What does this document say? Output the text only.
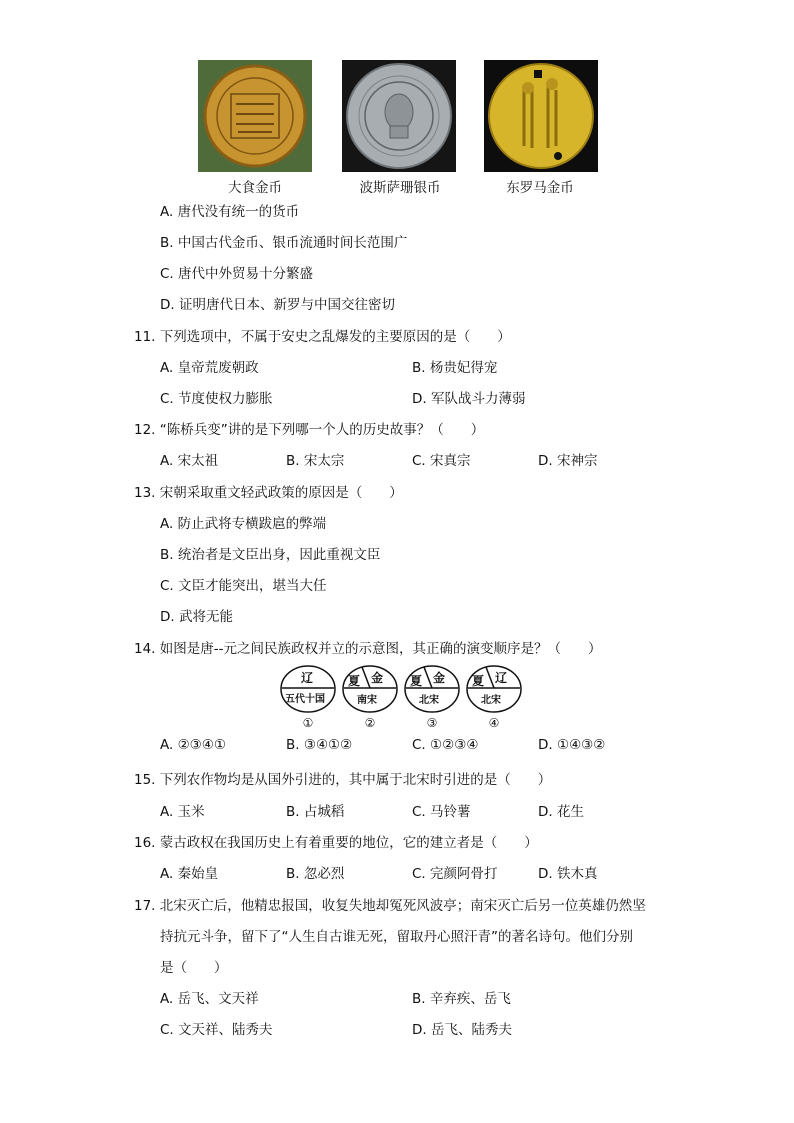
大食金币	波斯萨珊银币	东罗马金币
A. 唐代没有统一的货币
B. 中国古代金币、银币流通时间长范围广
C. 唐代中外贸易十分繁盛
D. 证明唐代日本、新罗与中国交往密切
11. 下列选项中，不属于安史之乱爆发的主要原因的是（　　）
A. 皇帝荒废朝政	B. 杨贵妃得宠
C. 节度使权力膨胀	D. 军队战斗力薄弱
12. “陈桥兵变”讲的是下列哪一个人的历史故事？（　　）
A. 宋太祖	B. 宋太宗	C. 宋真宗	D. 宋神宗
13. 宋朝采取重文轻武政策的原因是（　　）
A. 防止武将专横跋扈的弊端
B. 统治者是文臣出身，因此重视文臣
C. 文臣才能突出，堪当大任
D. 武将无能
14. 如图是唐--元之间民族政权并立的示意图，其正确的演变顺序是？（　　）
辽
五代十国
①
夏 金
南宋
②
夏 金
北宋
③
夏 辽
北宋
④
A. ②③④①	B. ③④①②	C. ①②③④	D. ①④③②
15. 下列农作物均是从国外引进的，其中属于北宋时引进的是（　　）
A. 玉米	B. 占城稻	C. 马铃薯	D. 花生
16. 蒙古政权在我国历史上有着重要的地位，它的建立者是（　　）
A. 秦始皇	B. 忽必烈	C. 完颜阿骨打	D. 铁木真
17. 北宋灭亡后，他精忠报国，收复失地却冤死风波亭；南宋灭亡后另一位英雄仍然坚
持抗元斗争，留下了“人生自古谁无死，留取丹心照汗青”的著名诗句。他们分别
是（　　）
A. 岳飞、文天祥	B. 辛弃疾、岳飞
C. 文天祥、陆秀夫	D. 岳飞、陆秀夫
